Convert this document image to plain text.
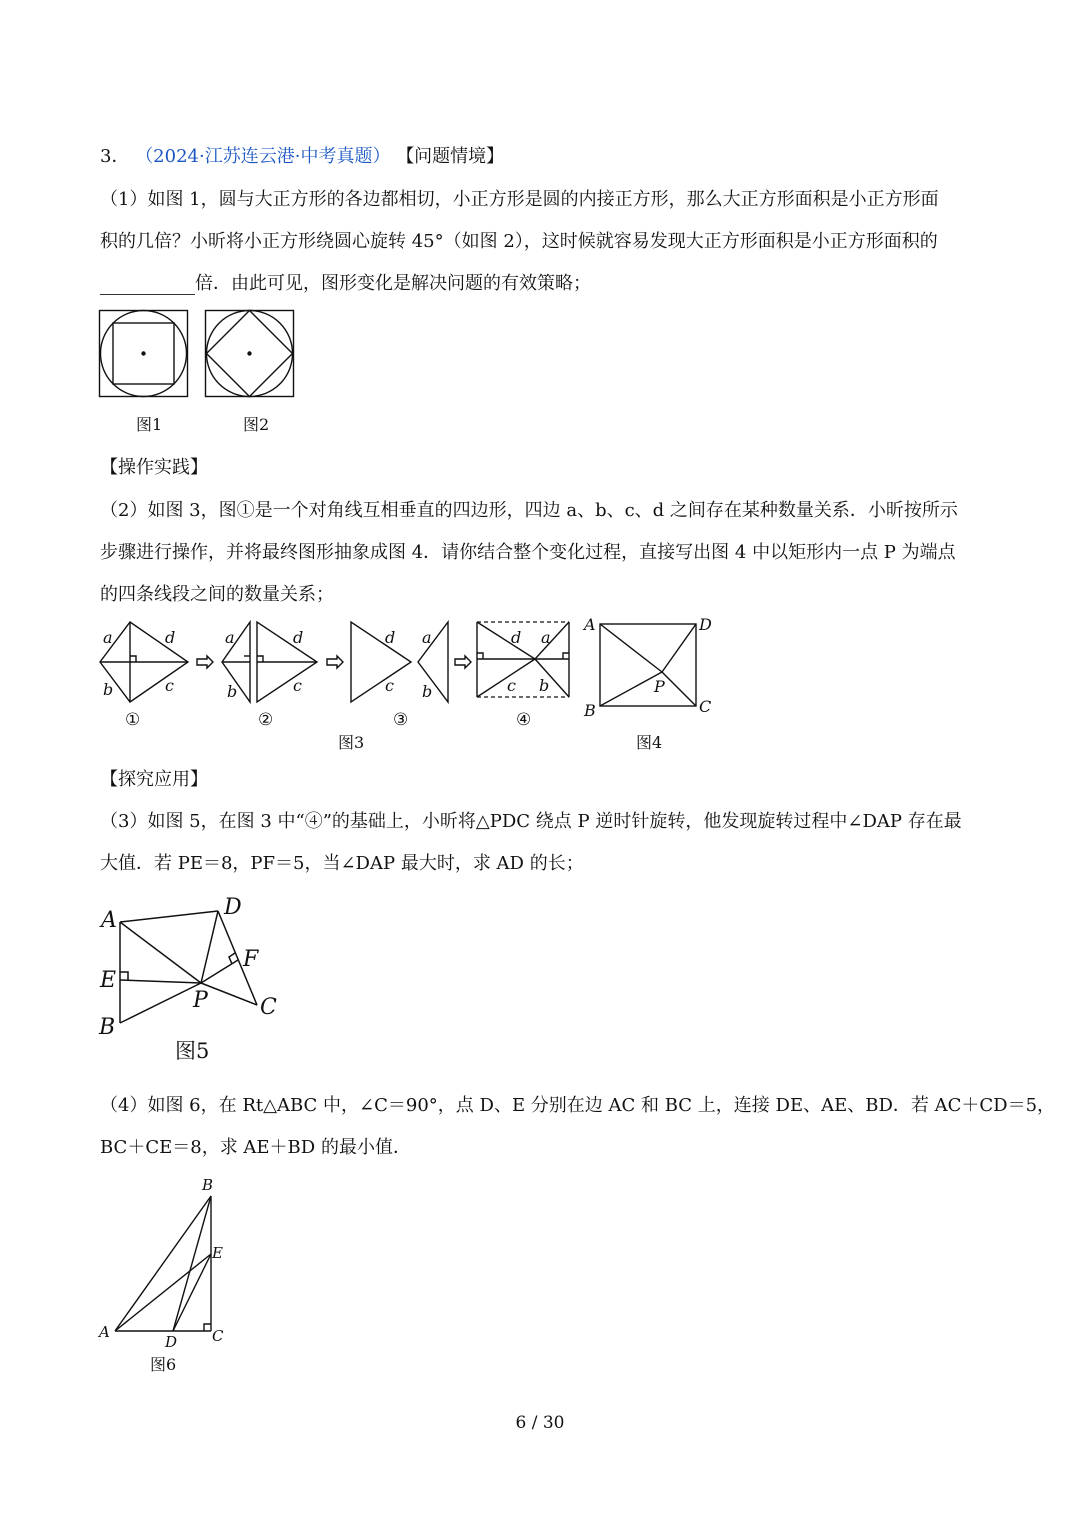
3． （2024·江苏连云港·中考真题） 【问题情境】
（1）如图 1，圆与大正方形的各边都相切，小正方形是圆的内接正方形，那么大正方形面积是小正方形面
积的几倍？小昕将小正方形绕圆心旋转 45°（如图 2），这时候就容易发现大正方形面积是小正方形面积的
倍．由此可见，图形变化是解决问题的有效策略；
图1	图2
【操作实践】
（2）如图 3，图①是一个对角线互相垂直的四边形，四边 a、b、c、d 之间存在某种数量关系．小昕按所示
步骤进行操作，并将最终图形抽象成图 4．请你结合整个变化过程，直接写出图 4 中以矩形内一点 P 为端点
的四条线段之间的数量关系；
a	d
b	c
a	d
b	c
d
c
a
b
d a
c b
①	②	③	④
图3
A	D
B	C
P
图4
【探究应用】
（3）如图 5，在图 3 中“④”的基础上，小昕将△PDC 绕点 P 逆时针旋转，他发现旋转过程中∠DAP 存在最
大值．若 PE＝8，PF＝5，当∠DAP 最大时，求 AD 的长；
A
D
E
F
P C
B
图5
（4）如图 6，在 Rt△ABC 中，∠C＝90°，点 D、E 分别在边 AC 和 BC 上，连接 DE、AE、BD．若 AC＋CD＝5，
BC＋CE＝8，求 AE＋BD 的最小值．
B
E
A
D C
图6
6 / 30
